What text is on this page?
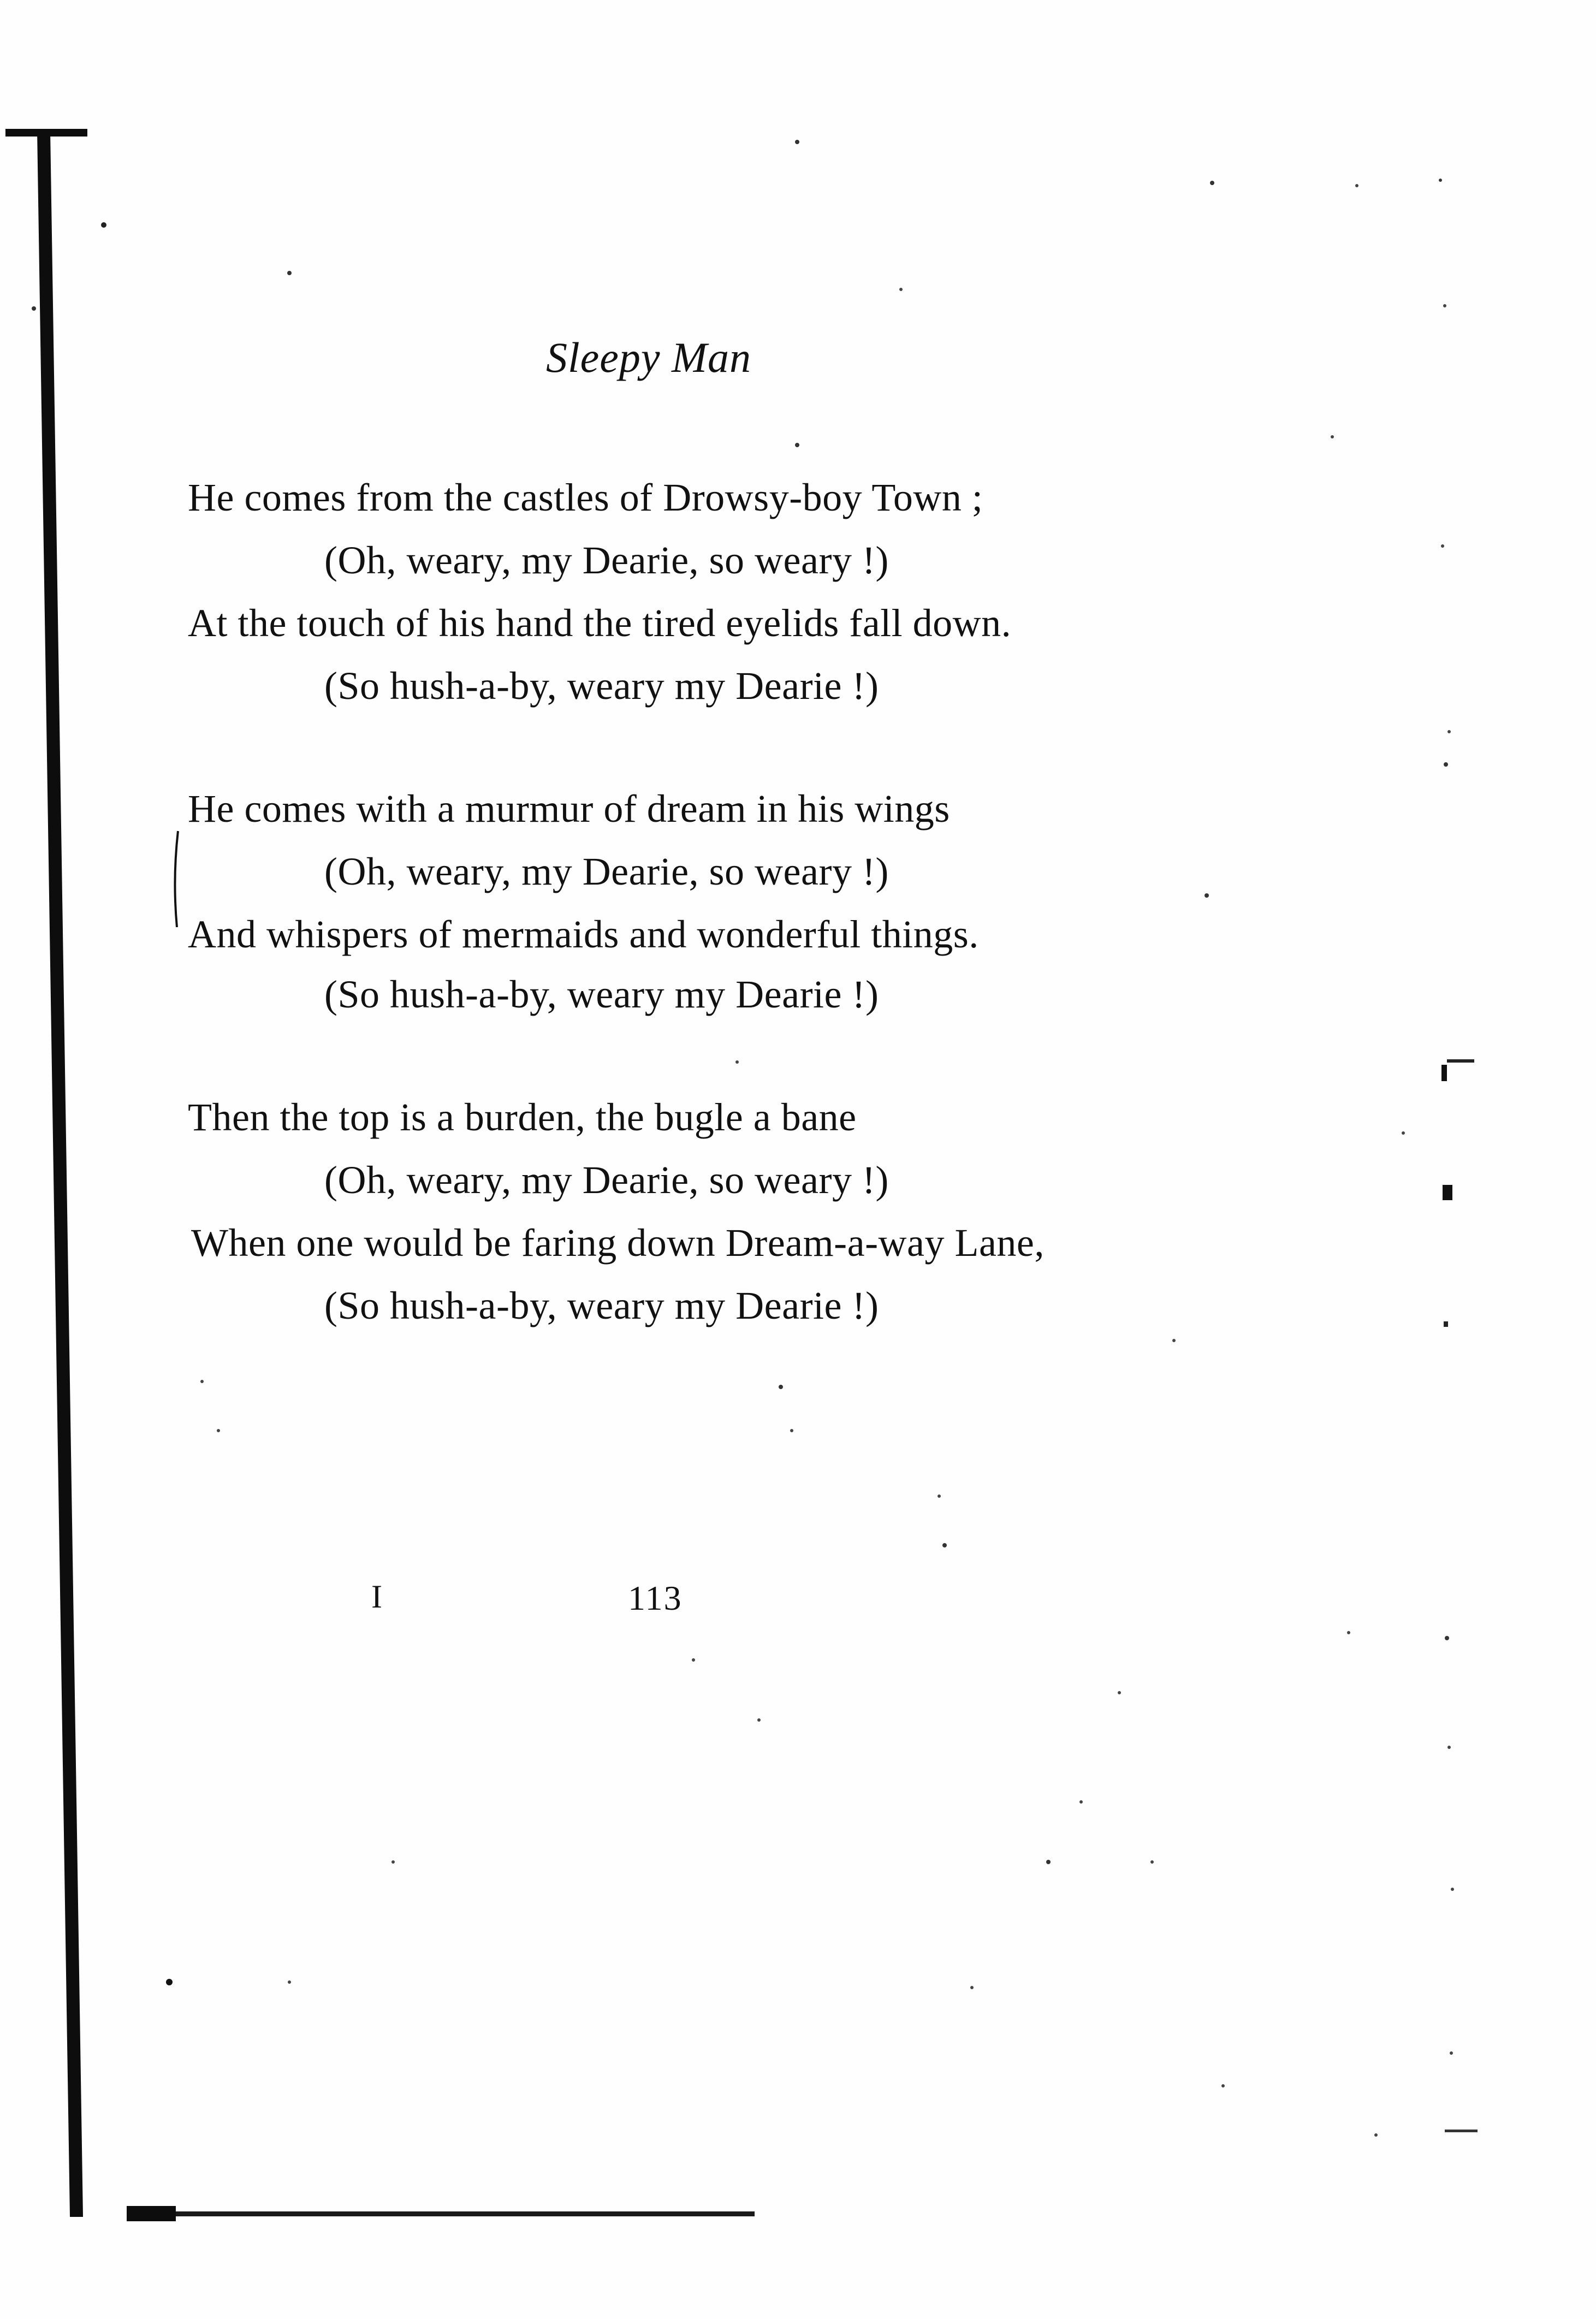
Sleepy Man
He comes from the castles of Drowsy-boy Town ;
(Oh, weary, my Dearie, so weary !)
At the touch of his hand the tired eyelids fall down.
(So hush-a-by, weary my Dearie !)
He comes with a murmur of dream in his wings
(Oh, weary, my Dearie, so weary !)
And whispers of mermaids and wonderful things.
(So hush-a-by, weary my Dearie !)
Then the top is a burden, the bugle a bane
(Oh, weary, my Dearie, so weary !)
When one would be faring down Dream-a-way Lane,
(So hush-a-by, weary my Dearie !)
I	113
